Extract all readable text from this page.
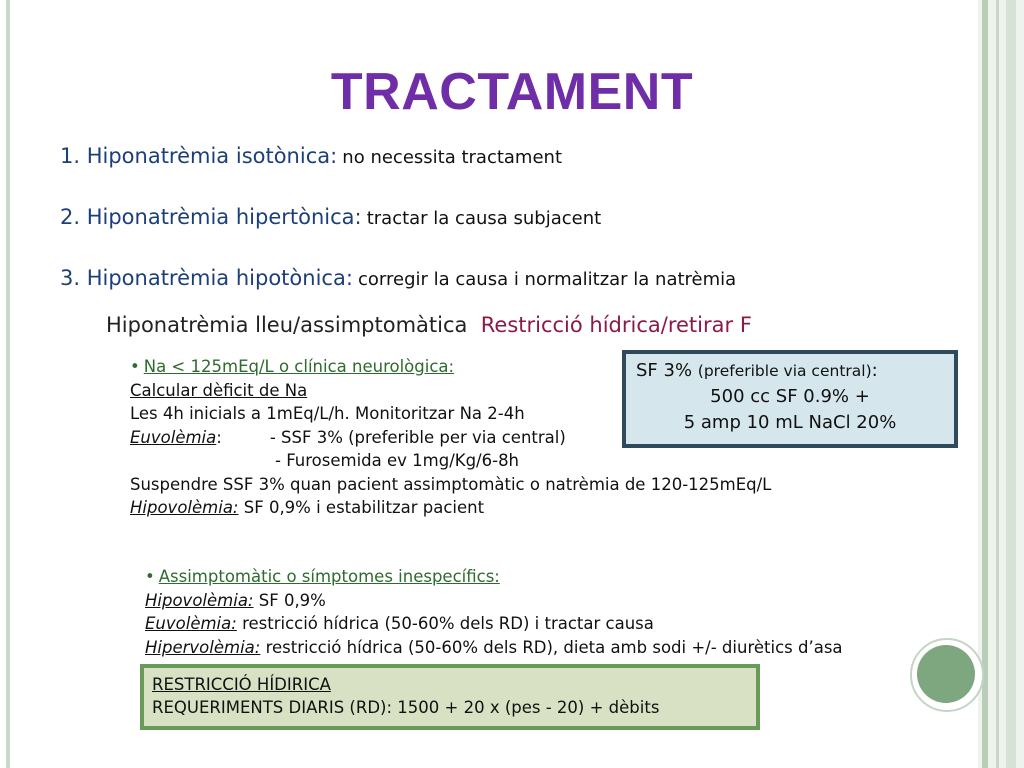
TRACTAMENT
1. Hiponatrèmia isotònica: no necessita tractament
2. Hiponatrèmia hipertònica: tractar la causa subjacent
3. Hiponatrèmia hipotònica: corregir la causa i normalitzar la natrèmia
Hiponatrèmia lleu/assimptomàtica Restricció hídrica/retirar F
• Na < 125mEq/L o clínica neurològica:
Calcular dèficit de Na
Les 4h inicials a 1mEq/L/h. Monitoritzar Na 2-4h
Euvolèmia:	- SSF 3% (preferible per via central)
- Furosemida ev 1mg/Kg/6-8h
Suspendre SSF 3% quan pacient assimptomàtic o natrèmia de 120-125mEq/L
Hipovolèmia: SF 0,9% i estabilitzar pacient
SF 3% (preferible via central):
500 cc SF 0.9% +
5 amp 10 mL NaCl 20%
• Assimptomàtic o símptomes inespecífics:
Hipovolèmia: SF 0,9%
Euvolèmia: restricció hídrica (50-60% dels RD) i tractar causa
Hipervolèmia: restricció hídrica (50-60% dels RD), dieta amb sodi +/- diurètics d’asa
RESTRICCIÓ HÍDIRICA
REQUERIMENTS DIARIS (RD): 1500 + 20 x (pes - 20) + dèbits
